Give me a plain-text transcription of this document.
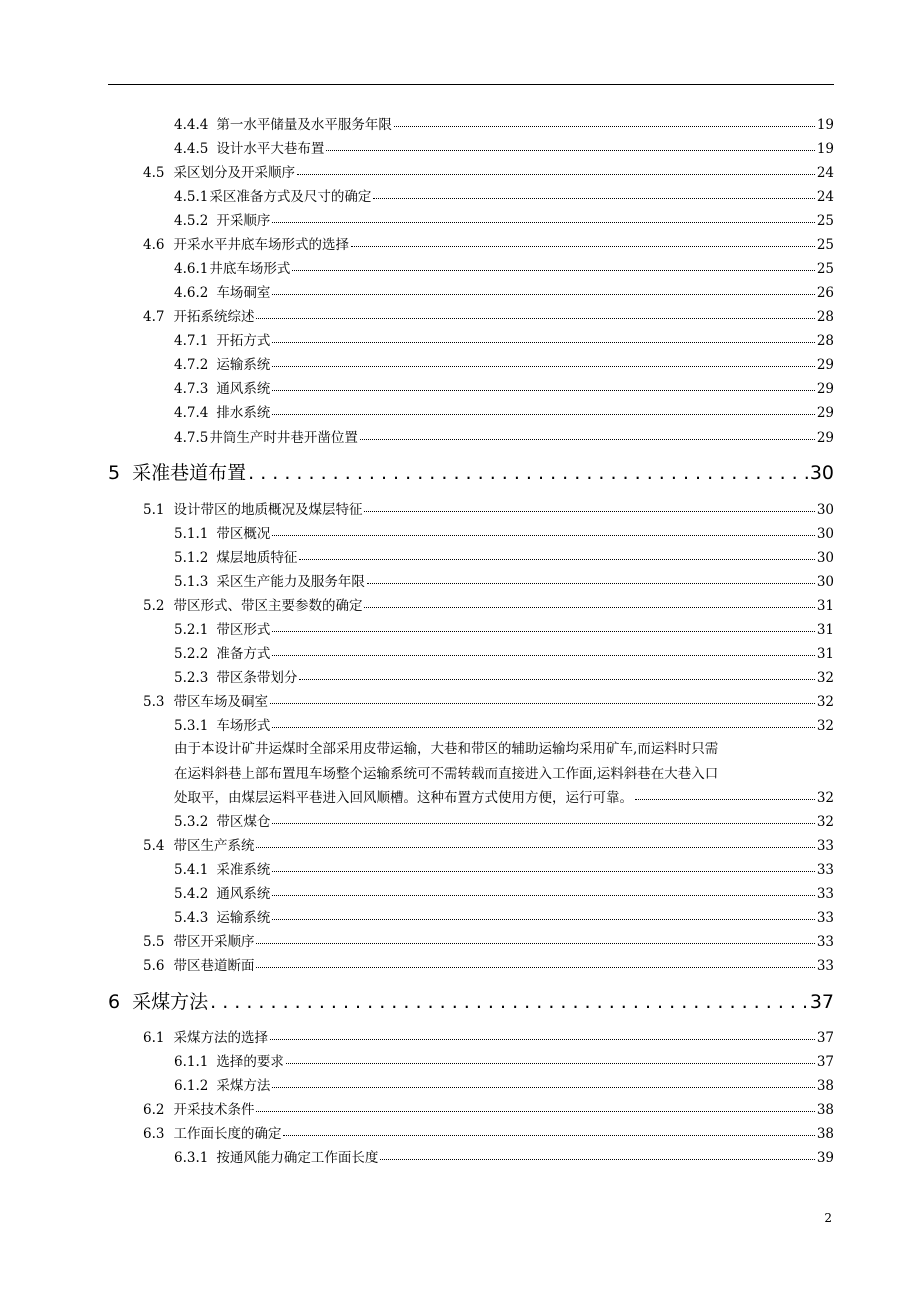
4.4.4 第一水平储量及水平服务年限	19
4.4.5 设计水平大巷布置	19
4.5 采区划分及开采顺序	24
4.5.1 采区准备方式及尺寸的确定	24
4.5.2 开采顺序	25
4.6 开采水平井底车场形式的选择	25
4.6.1 井底车场形式	25
4.6.2 车场硐室	26
4.7 开拓系统综述	28
4.7.1 开拓方式	28
4.7.2 运输系统	29
4.7.3 通风系统	29
4.7.4 排水系统	29
4.7.5 井筒生产时井巷开凿位置	29
5 采准巷道布置 . . .	30
5.1 设计带区的地质概况及煤层特征	30
5.1.1 带区概况	30
5.1.2 煤层地质特征	30
5.1.3 采区生产能力及服务年限	30
5.2 带区形式、带区主要参数的确定	31
5.2.1 带区形式	31
5.2.2 准备方式	31
5.2.3 带区条带划分	32
5.3 带区车场及硐室	32
5.3.1 车场形式	32
5.3.2 带区煤仓	32
5.4 带区生产系统	33
5.4.1 采准系统	33
5.4.2 通风系统	33
5.4.3 运输系统	33
5.5 带区开采顺序	33
5.6 带区巷道断面	33
6 采煤方法 . . .	37
6.1 采煤方法的选择	37
6.1.1 选择的要求	37
6.1.2 采煤方法	38
6.2 开采技术条件	38
6.3 工作面长度的确定	38
6.3.1 按通风能力确定工作面长度	39
由于本设计矿井运煤时全部采用皮带运输，大巷和带区的辅助运输均采用矿车,而运料时只需
在运料斜巷上部布置甩车场整个运输系统可不需转载而直接进入工作面,运料斜巷在大巷入口
处取平，由煤层运料平巷进入回风顺槽。这种布置方式使用方便，运行可靠。	32
2
